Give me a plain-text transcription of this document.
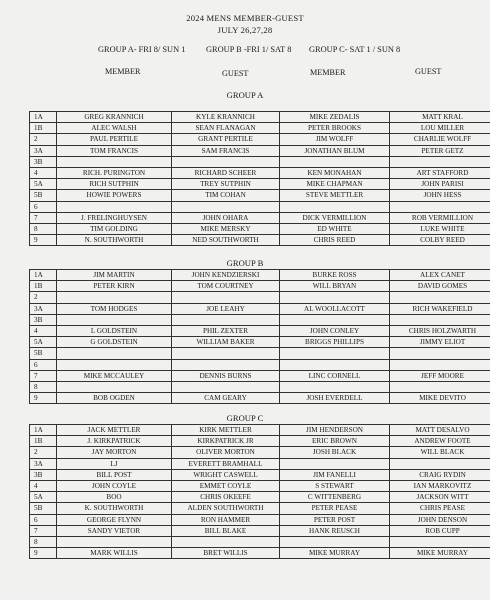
2024 MENS MEMBER-GUEST
JULY 26,27,28
GROUP A- FRI 8/ SUN 1 GROUP B -FRI 1/ SAT 8 GROUP C- SAT 1 / SUN 8
MEMBER	GUEST	MEMBER	GUEST
GROUP A
1A	GREG KRANNICH	KYLE KRANNICH	MIKE ZEDALIS	MATT KRAL
1B	ALEC WALSH	SEAN FLANAGAN	PETER BROOKS	LOU MILLER
2	PAUL PERTILE	GRANT PERTILE	JIM WOLFF	CHARLIE WOLFF
3A	TOM FRANCIS	SAM FRANCIS	JONATHAN BLUM	PETER GETZ
3B				
4	RICH. PURINGTON	RICHARD SCHEER	KEN MONAHAN	ART STAFFORD
5A	RICH SUTPHIN	TREY SUTPHIN	MIKE CHAPMAN	JOHN PARISI
5B	HOWIE POWERS	TIM COHAN	STEVE METTLER	JOHN HESS
6				
7	J. FRELINGHUYSEN	JOHN OHARA	DICK VERMILLION	ROB VERMILLION
8	TIM GOLDING	MIKE MERSKY	ED WHITE	LUKE WHITE
9	N. SOUTHWORTH	NED SOUTHWORTH	CHRIS REED	COLBY REED
GROUP B
1A	JIM MARTIN	JOHN KENDZIERSKI	BURKE ROSS	ALEX CANET
1B	PETER KIRN	TOM COURTNEY	WILL BRYAN	DAVID GOMES
2				
3A	TOM HODGES	JOE LEAHY	AL WOOLLACOTT	RICH WAKEFIELD
3B				
4	L GOLDSTEIN	PHIL ZEXTER	JOHN CONLEY	CHRIS HOLZWARTH
5A	G GOLDSTEIN	WILLIAM BAKER	BRIGGS PHILLIPS	JIMMY ELIOT
5B				
6				
7	MIKE MCCAULEY	DENNIS BURNS	LINC CORNELL	JEFF MOORE
8				
9	BOB OGDEN	CAM GEARY	JOSH EVERDELL	MIKE DEVITO
GROUP C
1A	JACK METTLER	KIRK METTLER	JIM HENDERSON	MATT DESALVO
1B	J. KIRKPATRICK	KIRKPATRICK JR	ERIC BROWN	ANDREW FOOTE
2	JAY MORTON	OLIVER MORTON	JOSH BLACK	WILL BLACK
3A	LJ	EVERETT BRAMHALL		
3B	BILL POST	WRIGHT CASWELL	JIM FANELLI	CRAIG RYDIN
4	JOHN COYLE	EMMET COYLE	S STEWART	IAN MARKOVITZ
5A	BOO	CHRIS OKEEFE	C WITTENBERG	JACKSON WITT
5B	K. SOUTHWORTH	ALDEN SOUTHWORTH	PETER PEASE	CHRIS PEASE
6	GEORGE FLYNN	RON HAMMER	PETER POST	JOHN DENSON
7	SANDY VIETOR	BILL BLAKE	HANK REUSCH	ROB CUPP
8				
9	MARK WILLIS	BRET WILLIS	MIKE MURRAY	MIKE MURRAY
